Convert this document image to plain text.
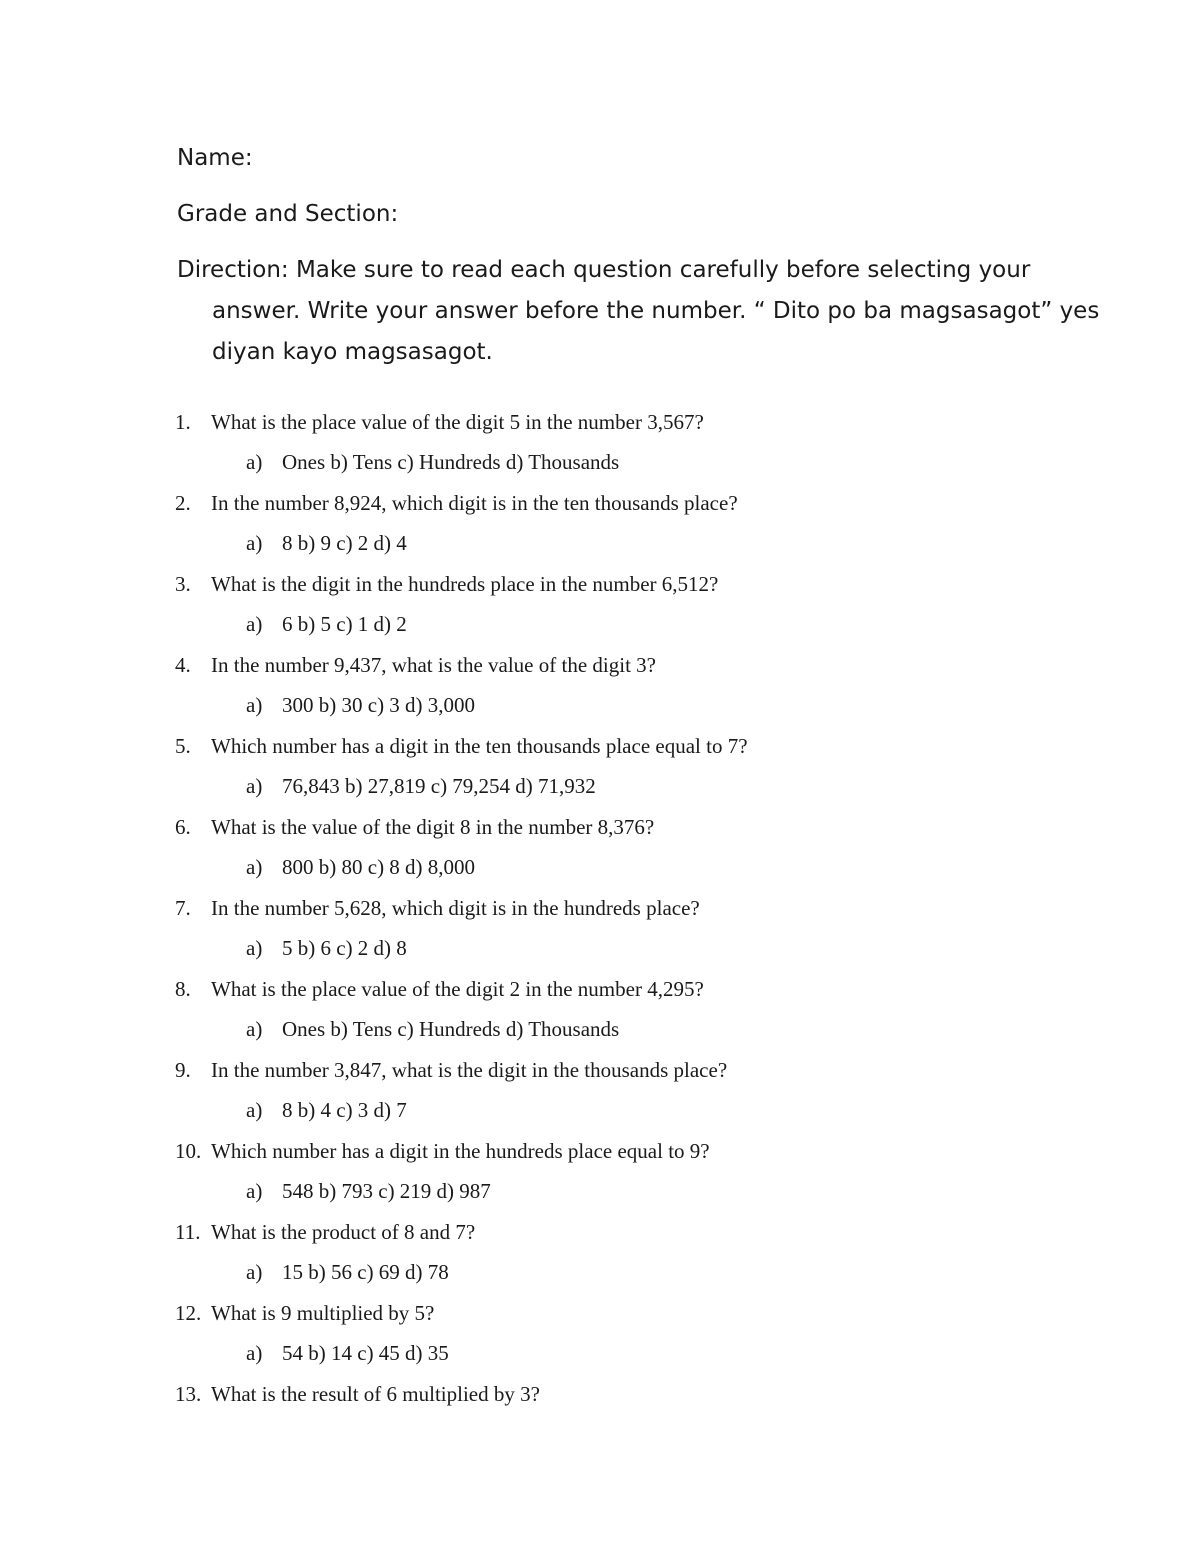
Name:
Grade and Section:
Direction: Make sure to read each question carefully before selecting your answer. Write your answer before the number. “ Dito po ba magsasagot” yes diyan kayo magsasagot.
1. What is the place value of the digit 5 in the number 3,567?
a) Ones b) Tens c) Hundreds d) Thousands
2. In the number 8,924, which digit is in the ten thousands place?
a) 8 b) 9 c) 2 d) 4
3. What is the digit in the hundreds place in the number 6,512?
a) 6 b) 5 c) 1 d) 2
4. In the number 9,437, what is the value of the digit 3?
a) 300 b) 30 c) 3 d) 3,000
5. Which number has a digit in the ten thousands place equal to 7?
a) 76,843 b) 27,819 c) 79,254 d) 71,932
6. What is the value of the digit 8 in the number 8,376?
a) 800 b) 80 c) 8 d) 8,000
7. In the number 5,628, which digit is in the hundreds place?
a) 5 b) 6 c) 2 d) 8
8. What is the place value of the digit 2 in the number 4,295?
a) Ones b) Tens c) Hundreds d) Thousands
9. In the number 3,847, what is the digit in the thousands place?
a) 8 b) 4 c) 3 d) 7
10. Which number has a digit in the hundreds place equal to 9?
a) 548 b) 793 c) 219 d) 987
11. What is the product of 8 and 7?
a) 15 b) 56 c) 69 d) 78
12. What is 9 multiplied by 5?
a) 54 b) 14 c) 45 d) 35
13. What is the result of 6 multiplied by 3?
